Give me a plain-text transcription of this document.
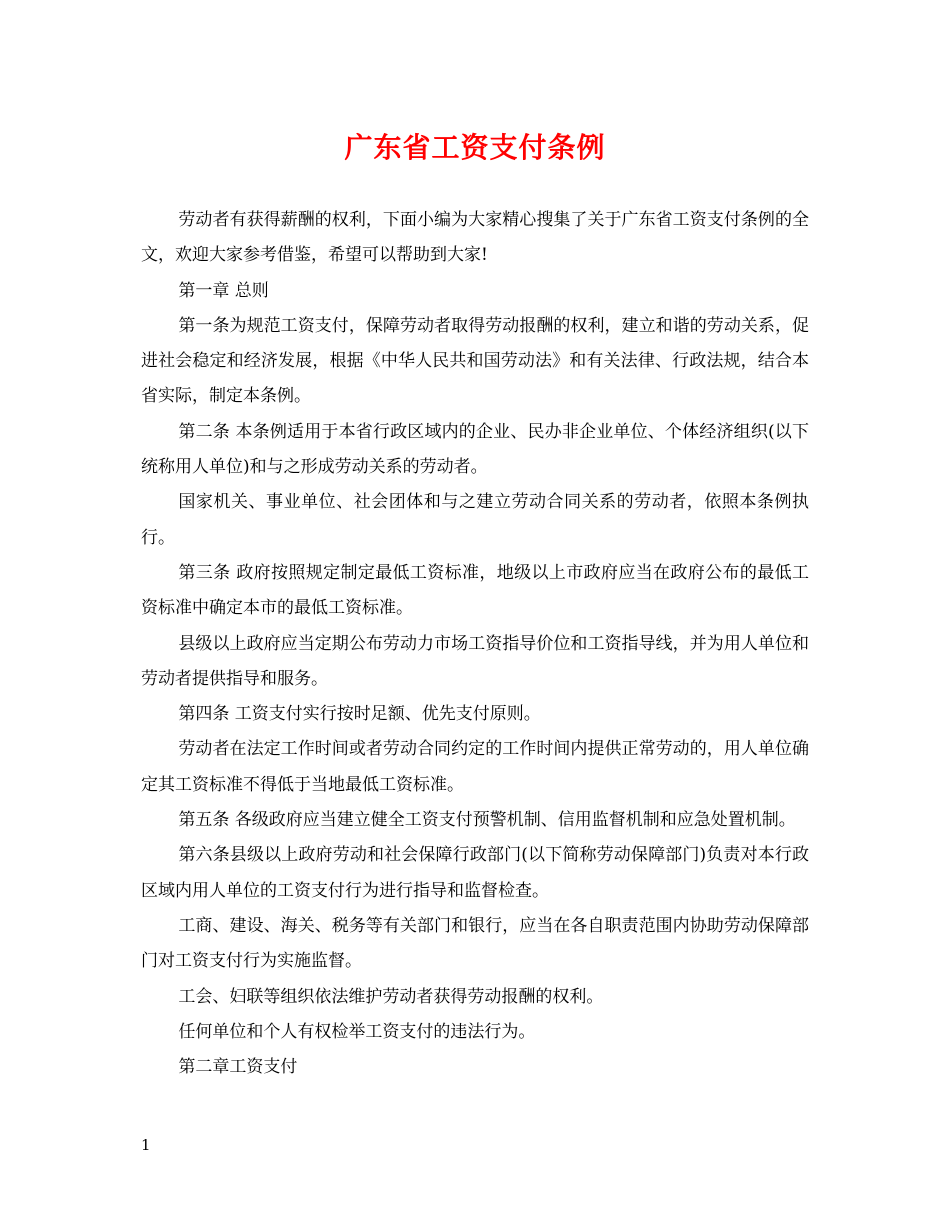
广东省工资支付条例

劳动者有获得薪酬的权利，下面小编为大家精心搜集了关于广东省工资支付条例的全文，欢迎大家参考借鉴，希望可以帮助到大家!

第一章 总则

第一条为规范工资支付，保障劳动者取得劳动报酬的权利，建立和谐的劳动关系，促进社会稳定和经济发展，根据《中华人民共和国劳动法》和有关法律、行政法规，结合本省实际，制定本条例。

第二条 本条例适用于本省行政区域内的企业、民办非企业单位、个体经济组织(以下统称用人单位)和与之形成劳动关系的劳动者。

国家机关、事业单位、社会团体和与之建立劳动合同关系的劳动者，依照本条例执行。

第三条 政府按照规定制定最低工资标准，地级以上市政府应当在政府公布的最低工资标准中确定本市的最低工资标准。

县级以上政府应当定期公布劳动力市场工资指导价位和工资指导线，并为用人单位和劳动者提供指导和服务。

第四条 工资支付实行按时足额、优先支付原则。

劳动者在法定工作时间或者劳动合同约定的工作时间内提供正常劳动的，用人单位确定其工资标准不得低于当地最低工资标准。

第五条 各级政府应当建立健全工资支付预警机制、信用监督机制和应急处置机制。

第六条县级以上政府劳动和社会保障行政部门(以下简称劳动保障部门)负责对本行政区域内用人单位的工资支付行为进行指导和监督检查。

工商、建设、海关、税务等有关部门和银行，应当在各自职责范围内协助劳动保障部门对工资支付行为实施监督。

工会、妇联等组织依法维护劳动者获得劳动报酬的权利。

任何单位和个人有权检举工资支付的违法行为。

第二章工资支付

1
